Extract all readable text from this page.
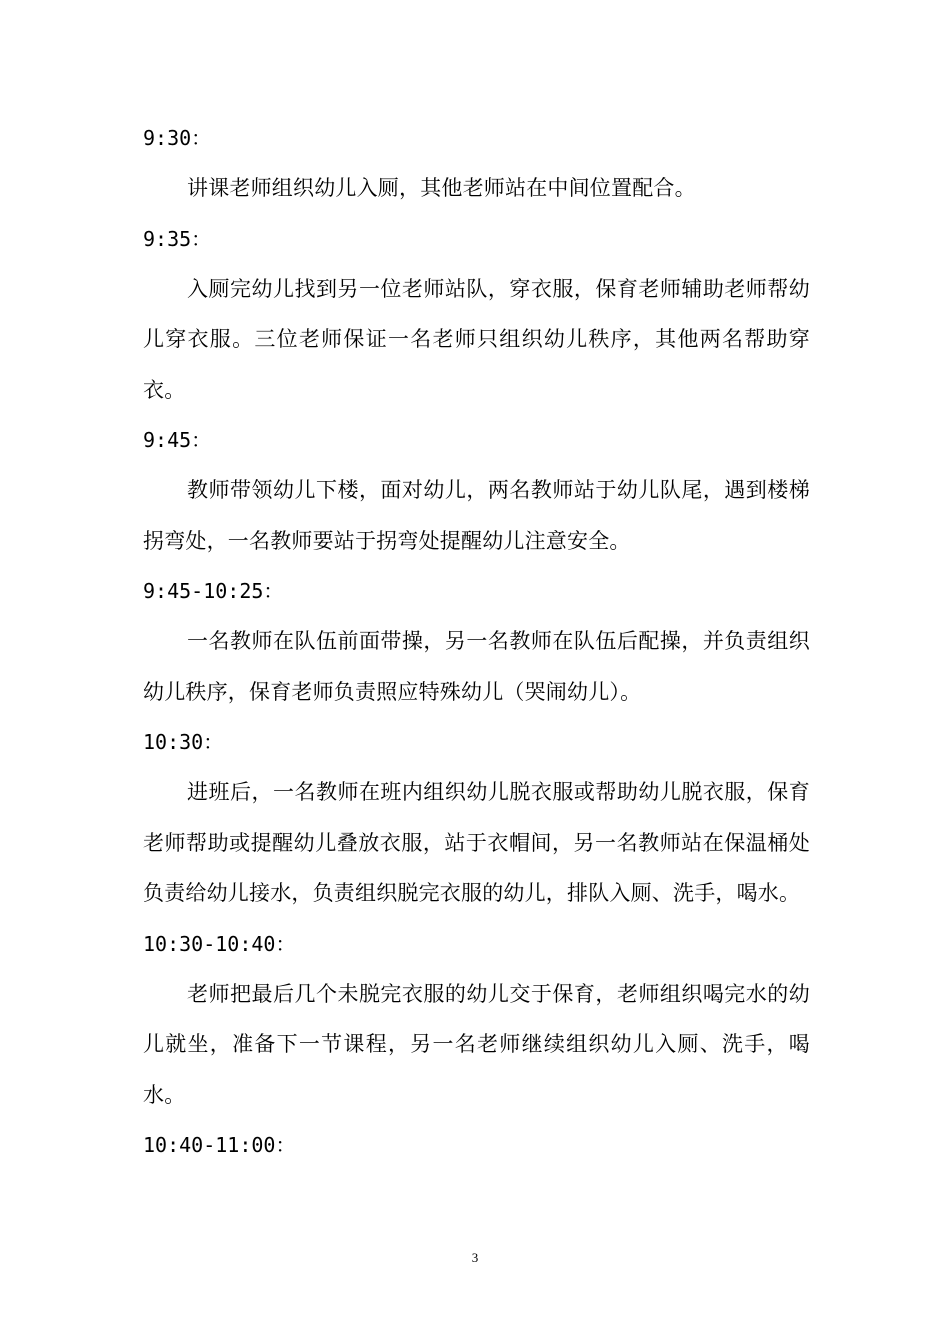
9:30：

讲课老师组织幼儿入厕，其他老师站在中间位置配合。

9:35：

入厕完幼儿找到另一位老师站队，穿衣服，保育老师辅助老师帮幼儿穿衣服。三位老师保证一名老师只组织幼儿秩序，其他两名帮助穿衣。

9:45：

教师带领幼儿下楼，面对幼儿，两名教师站于幼儿队尾，遇到楼梯拐弯处，一名教师要站于拐弯处提醒幼儿注意安全。

9:45-10:25：

一名教师在队伍前面带操，另一名教师在队伍后配操，并负责组织幼儿秩序，保育老师负责照应特殊幼儿（哭闹幼儿）。

10:30：

进班后，一名教师在班内组织幼儿脱衣服或帮助幼儿脱衣服，保育老师帮助或提醒幼儿叠放衣服，站于衣帽间，另一名教师站在保温桶处负责给幼儿接水，负责组织脱完衣服的幼儿，排队入厕、洗手，喝水。

10:30-10:40：

老师把最后几个未脱完衣服的幼儿交于保育，老师组织喝完水的幼儿就坐，准备下一节课程，另一名老师继续组织幼儿入厕、洗手，喝水。

10:40-11:00：
3
